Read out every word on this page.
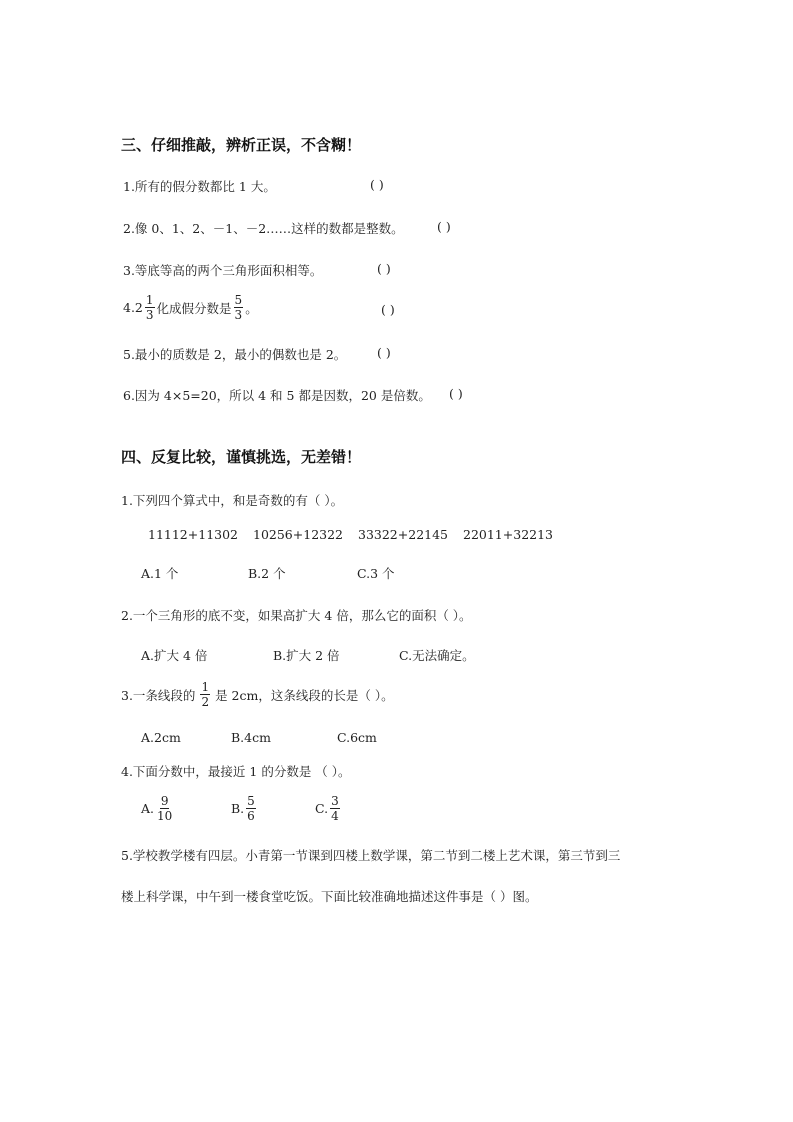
三、仔细推敲，辨析正误，不含糊！
1.所有的假分数都比 1 大。	( )
2.像 0、1、2、－1、－2……这样的数都是整数。	( )
3.等底等高的两个三角形面积相等。	( )
$4.2 \frac{1}{3}$ 化成假分数是 $\frac{5}{3}$ 。	( )
5.最小的质数是 2，最小的偶数也是 2。 ( )
6.因为 4×5=20，所以 4 和 5 都是因数，20 是倍数。 ( )
四、反复比较，谨慎挑选，无差错！
1.下列四个算式中，和是奇数的有（ ）。
11112+11302 10256+12322 33322+22145 22011+32213
A.1 个	B.2 个	C.3 个
2.一个三角形的底不变，如果高扩大 4 倍，那么它的面积（ ）。
A.扩大 4 倍	B.扩大 2 倍	C.无法确定。
3.一条线段的 $\frac{1}{2}$ 是 2cm，这条线段的长是（ ）。
A.2cm	B.4cm	C.6cm
4.下面分数中，最接近 1 的分数是 （ ）。
A. $\frac{9}{10}$	B. $\frac{5}{6}$	C. $\frac{3}{4}$
5.学校教学楼有四层。小青第一节课到四楼上数学课，第二节到二楼上艺术课，第三节到三
楼上科学课，中午到一楼食堂吃饭。下面比较准确地描述这件事是（ ）图。
